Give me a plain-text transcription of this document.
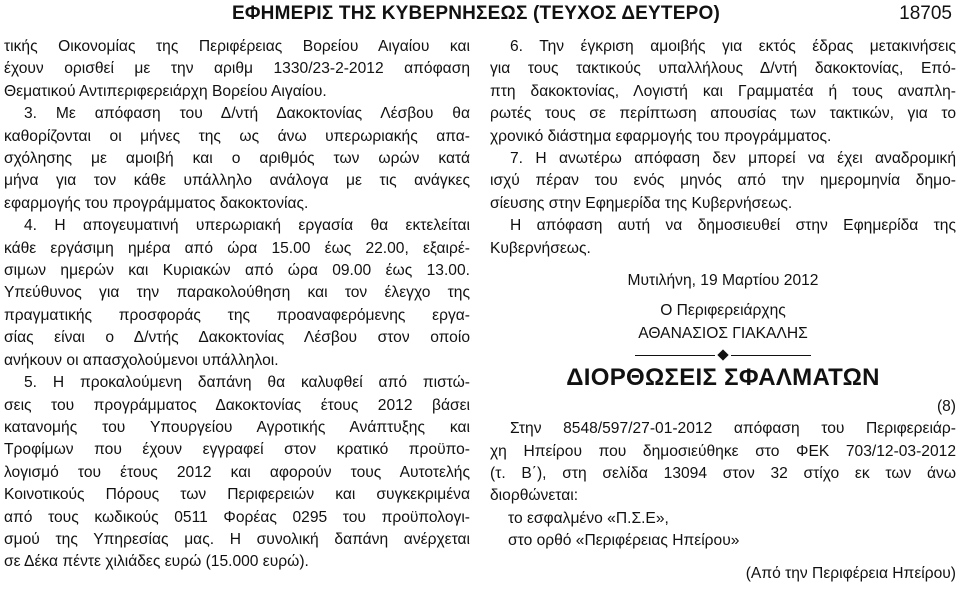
ΕΦΗΜΕΡΙΣ ΤΗΣ ΚΥΒΕΡΝΗΣΕΩΣ (ΤΕΥΧΟΣ ΔΕΥΤΕΡΟ)	18705
τικής Οικονομίας της Περιφέρειας Βορείου Αιγαίου και
έχουν ορισθεί με την αριθμ 1330/23-2-2012 απόφαση
Θεματικού Αντιπεριφερειάρχη Βορείου Αιγαίου.
3. Με απόφαση του Δ/ντή Δακοκτονίας Λέσβου θα
καθορίζονται οι μήνες της ως άνω υπερωριακής απα-
σχόλησης με αμοιβή και ο αριθμός των ωρών κατά
μήνα για τον κάθε υπάλληλο ανάλογα με τις ανάγκες
εφαρμογής του προγράμματος δακοκτονίας.
4. Η απογευματινή υπερωριακή εργασία θα εκτελείται
κάθε εργάσιμη ημέρα από ώρα 15.00 έως 22.00, εξαιρέ-
σιμων ημερών και Κυριακών από ώρα 09.00 έως 13.00.
Υπεύθυνος για την παρακολούθηση και τον έλεγχο της
πραγματικής προσφοράς της προαναφερόμενης εργα-
σίας είναι ο Δ/ντής Δακοκτονίας Λέσβου στον οποίο
ανήκουν οι απασχολούμενοι υπάλληλοι.
5. Η προκαλούμενη δαπάνη θα καλυφθεί από πιστώ-
σεις του προγράμματος Δακοκτονίας έτους 2012 βάσει
κατανομής του Υπουργείου Αγροτικής Ανάπτυξης και
Τροφίμων που έχουν εγγραφεί στον κρατικό προϋπο-
λογισμό του έτους 2012 και αφορούν τους Αυτοτελής
Κοινοτικούς Πόρους των Περιφερειών και συγκεκριμένα
από τους κωδικούς 0511 Φορέας 0295 του προϋπολογι-
σμού της Υπηρεσίας μας. Η συνολική δαπάνη ανέρχεται
σε Δέκα πέντε χιλιάδες ευρώ (15.000 ευρώ).
6. Την έγκριση αμοιβής για εκτός έδρας μετακινήσεις
για τους τακτικούς υπαλλήλους Δ/ντή δακοκτονίας, Επό-
πτη δακοκτονίας, Λογιστή και Γραμματέα ή τους αναπλη-
ρωτές τους σε περίπτωση απουσίας των τακτικών, για το
χρονικό διάστημα εφαρμογής του προγράμματος.
7. Η ανωτέρω απόφαση δεν μπορεί να έχει αναδρομική
ισχύ πέραν του ενός μηνός από την ημερομηνία δημο-
σίευσης στην Εφημερίδα της Κυβερνήσεως.
Η απόφαση αυτή να δημοσιευθεί στην Εφημερίδα της
Κυβερνήσεως.
Μυτιλήνη, 19 Μαρτίου 2012
Ο Περιφερειάρχης
ΑΘΑΝΑΣΙΟΣ ΓΙΑΚΑΛΗΣ
ΔΙΟΡΘΩΣΕΙΣ ΣΦΑΛΜΑΤΩΝ
(8)
Στην 8548/597/27-01-2012 απόφαση του Περιφερειάρ-
χη Ηπείρου που δημοσιεύθηκε στο ΦΕΚ 703/12-03-2012
(τ. Β΄), στη σελίδα 13094 στον 32 στίχο εκ των άνω
διορθώνεται:
το εσφαλμένο «Π.Σ.Ε»,
στο ορθό «Περιφέρειας Ηπείρου»
(Από την Περιφέρεια Ηπείρου)
